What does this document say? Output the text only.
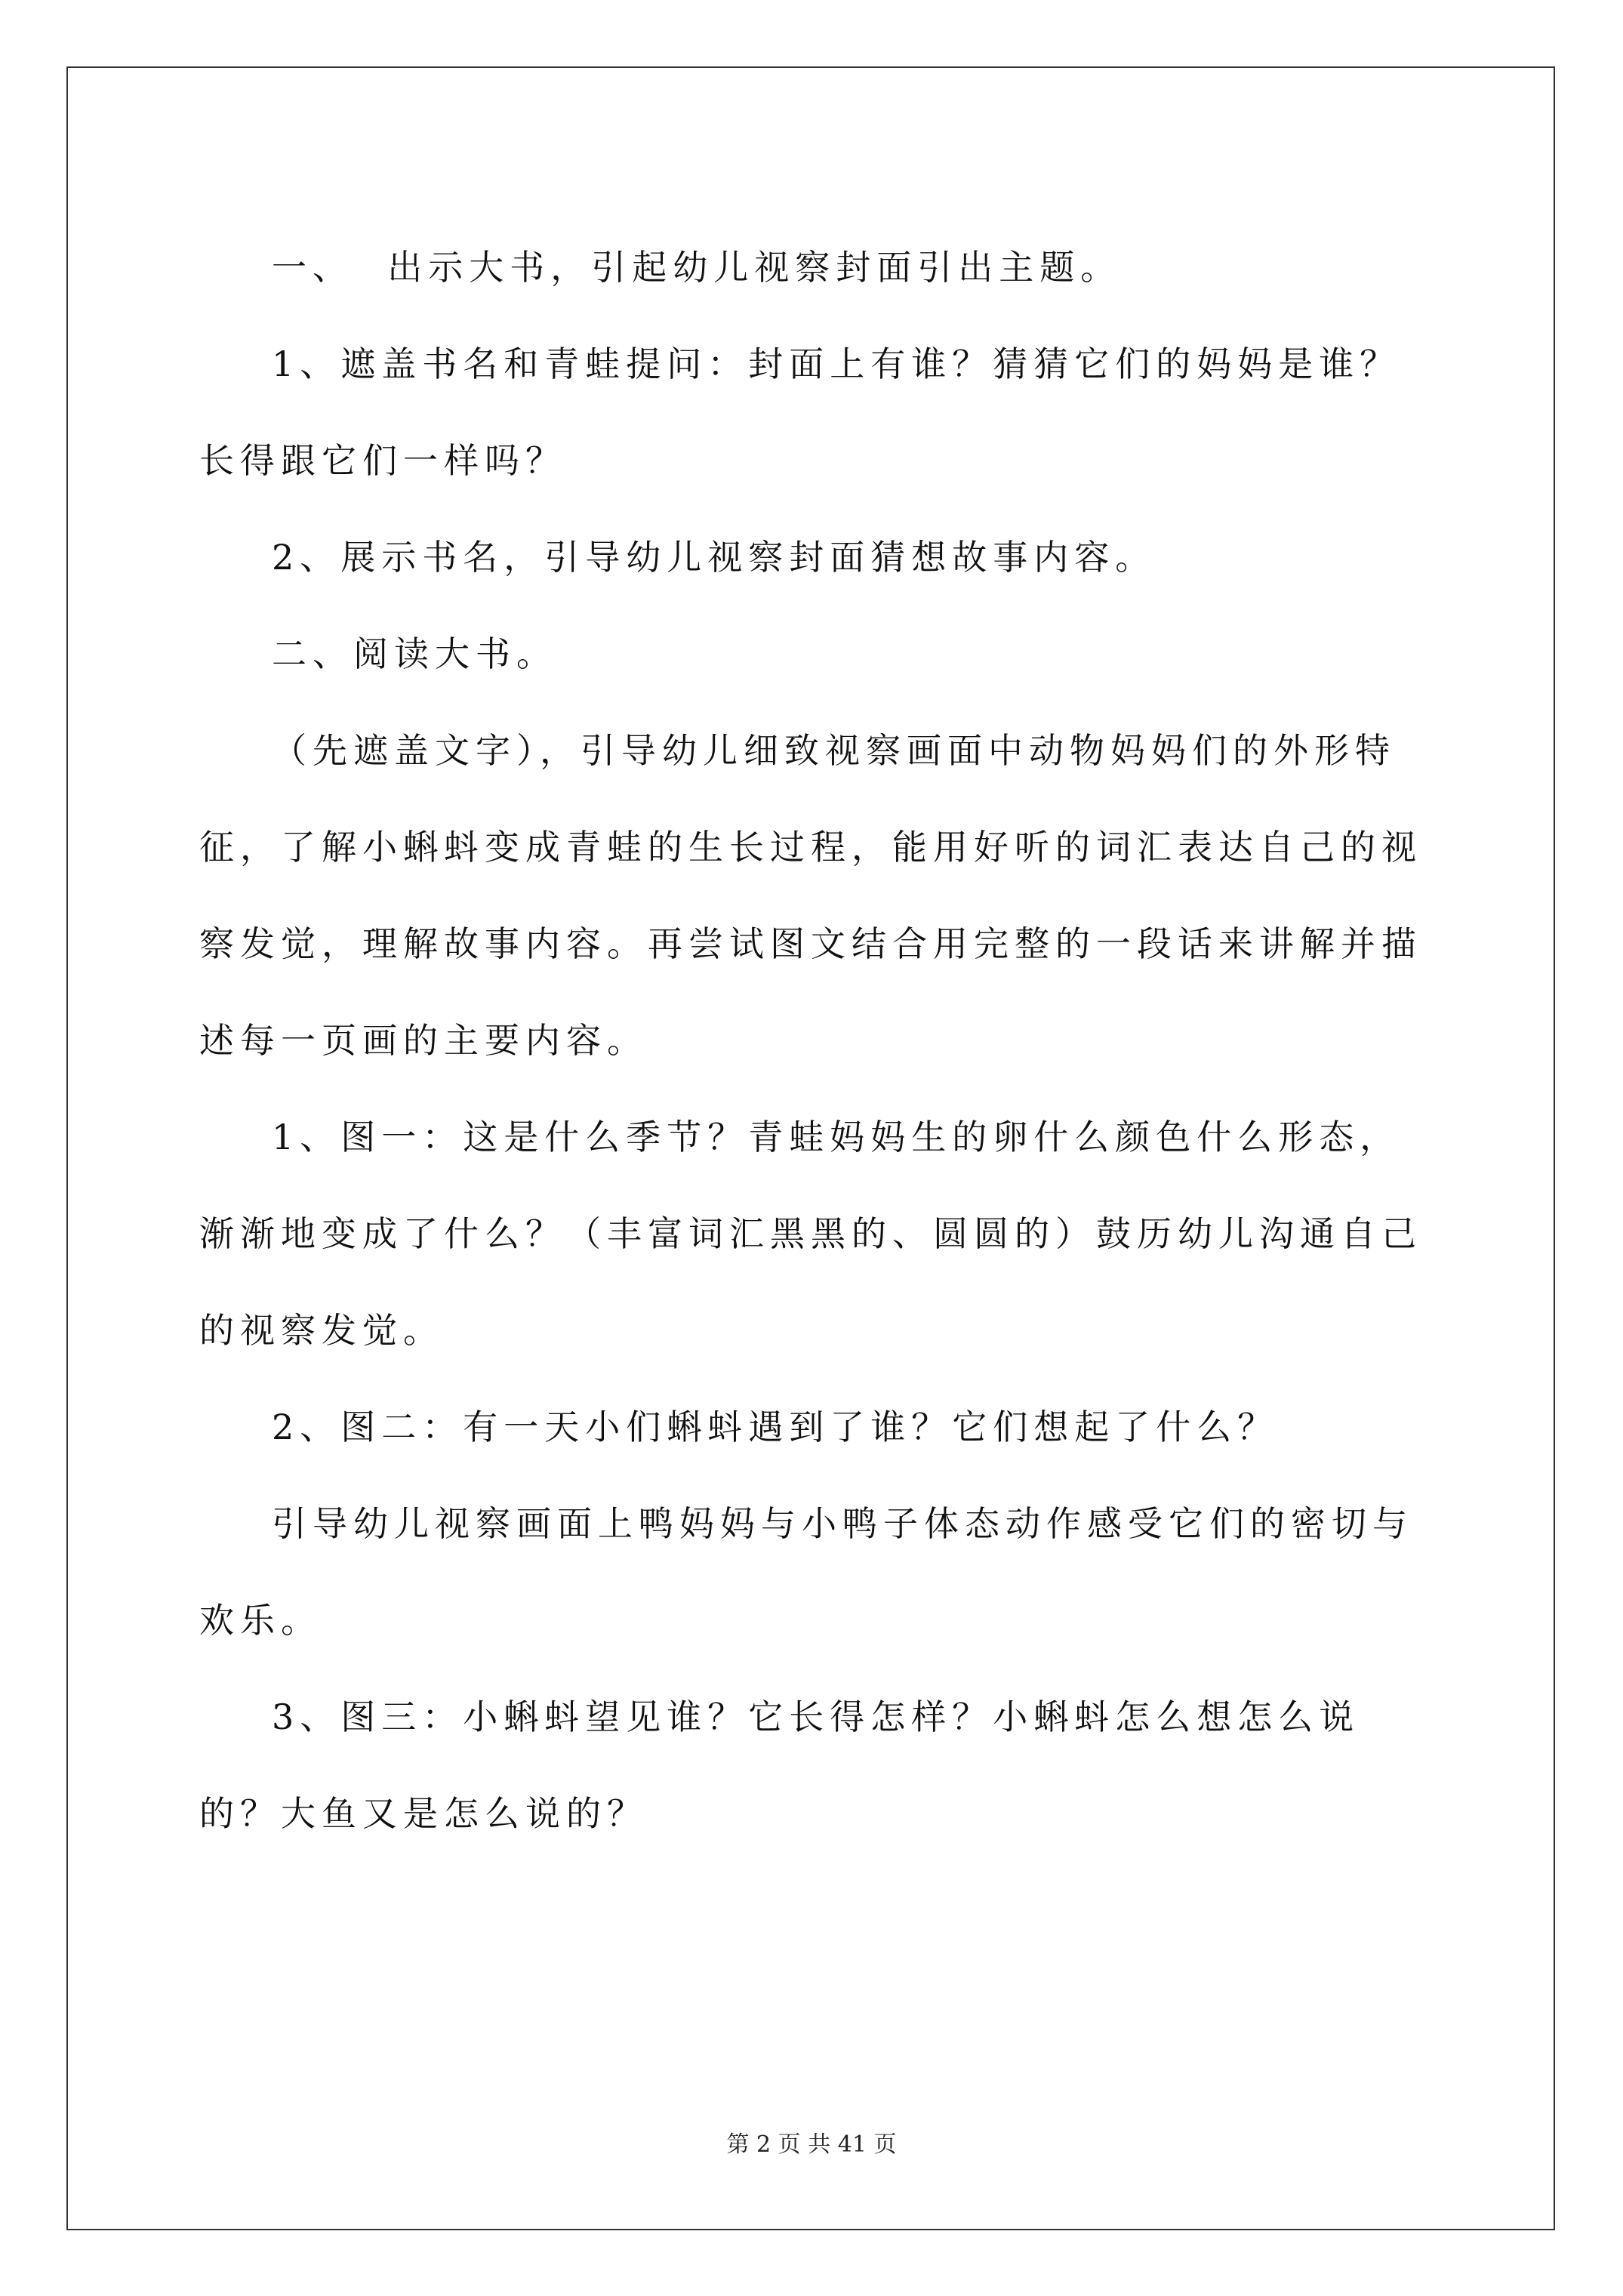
一、  出示大书，引起幼儿视察封面引出主题。

1、遮盖书名和青蛙提问：封面上有谁？猜猜它们的妈妈是谁？长得跟它们一样吗？

2、展示书名，引导幼儿视察封面猜想故事内容。

二、阅读大书。

（先遮盖文字），引导幼儿细致视察画面中动物妈妈们的外形特征，了解小蝌蚪变成青蛙的生长过程，能用好听的词汇表达自己的视察发觉，理解故事内容。再尝试图文结合用完整的一段话来讲解并描述每一页画的主要内容。

1、图一：这是什么季节？青蛙妈妈生的卵什么颜色什么形态，渐渐地变成了什么？（丰富词汇黑黑的、圆圆的）鼓历幼儿沟通自己的视察发觉。

2、图二：有一天小们蝌蚪遇到了谁？它们想起了什么？

引导幼儿视察画面上鸭妈妈与小鸭子体态动作感受它们的密切与欢乐。

3、图三：小蝌蚪望见谁？它长得怎样？小蝌蚪怎么想怎么说的？大鱼又是怎么说的？

第 2 页 共 41 页
